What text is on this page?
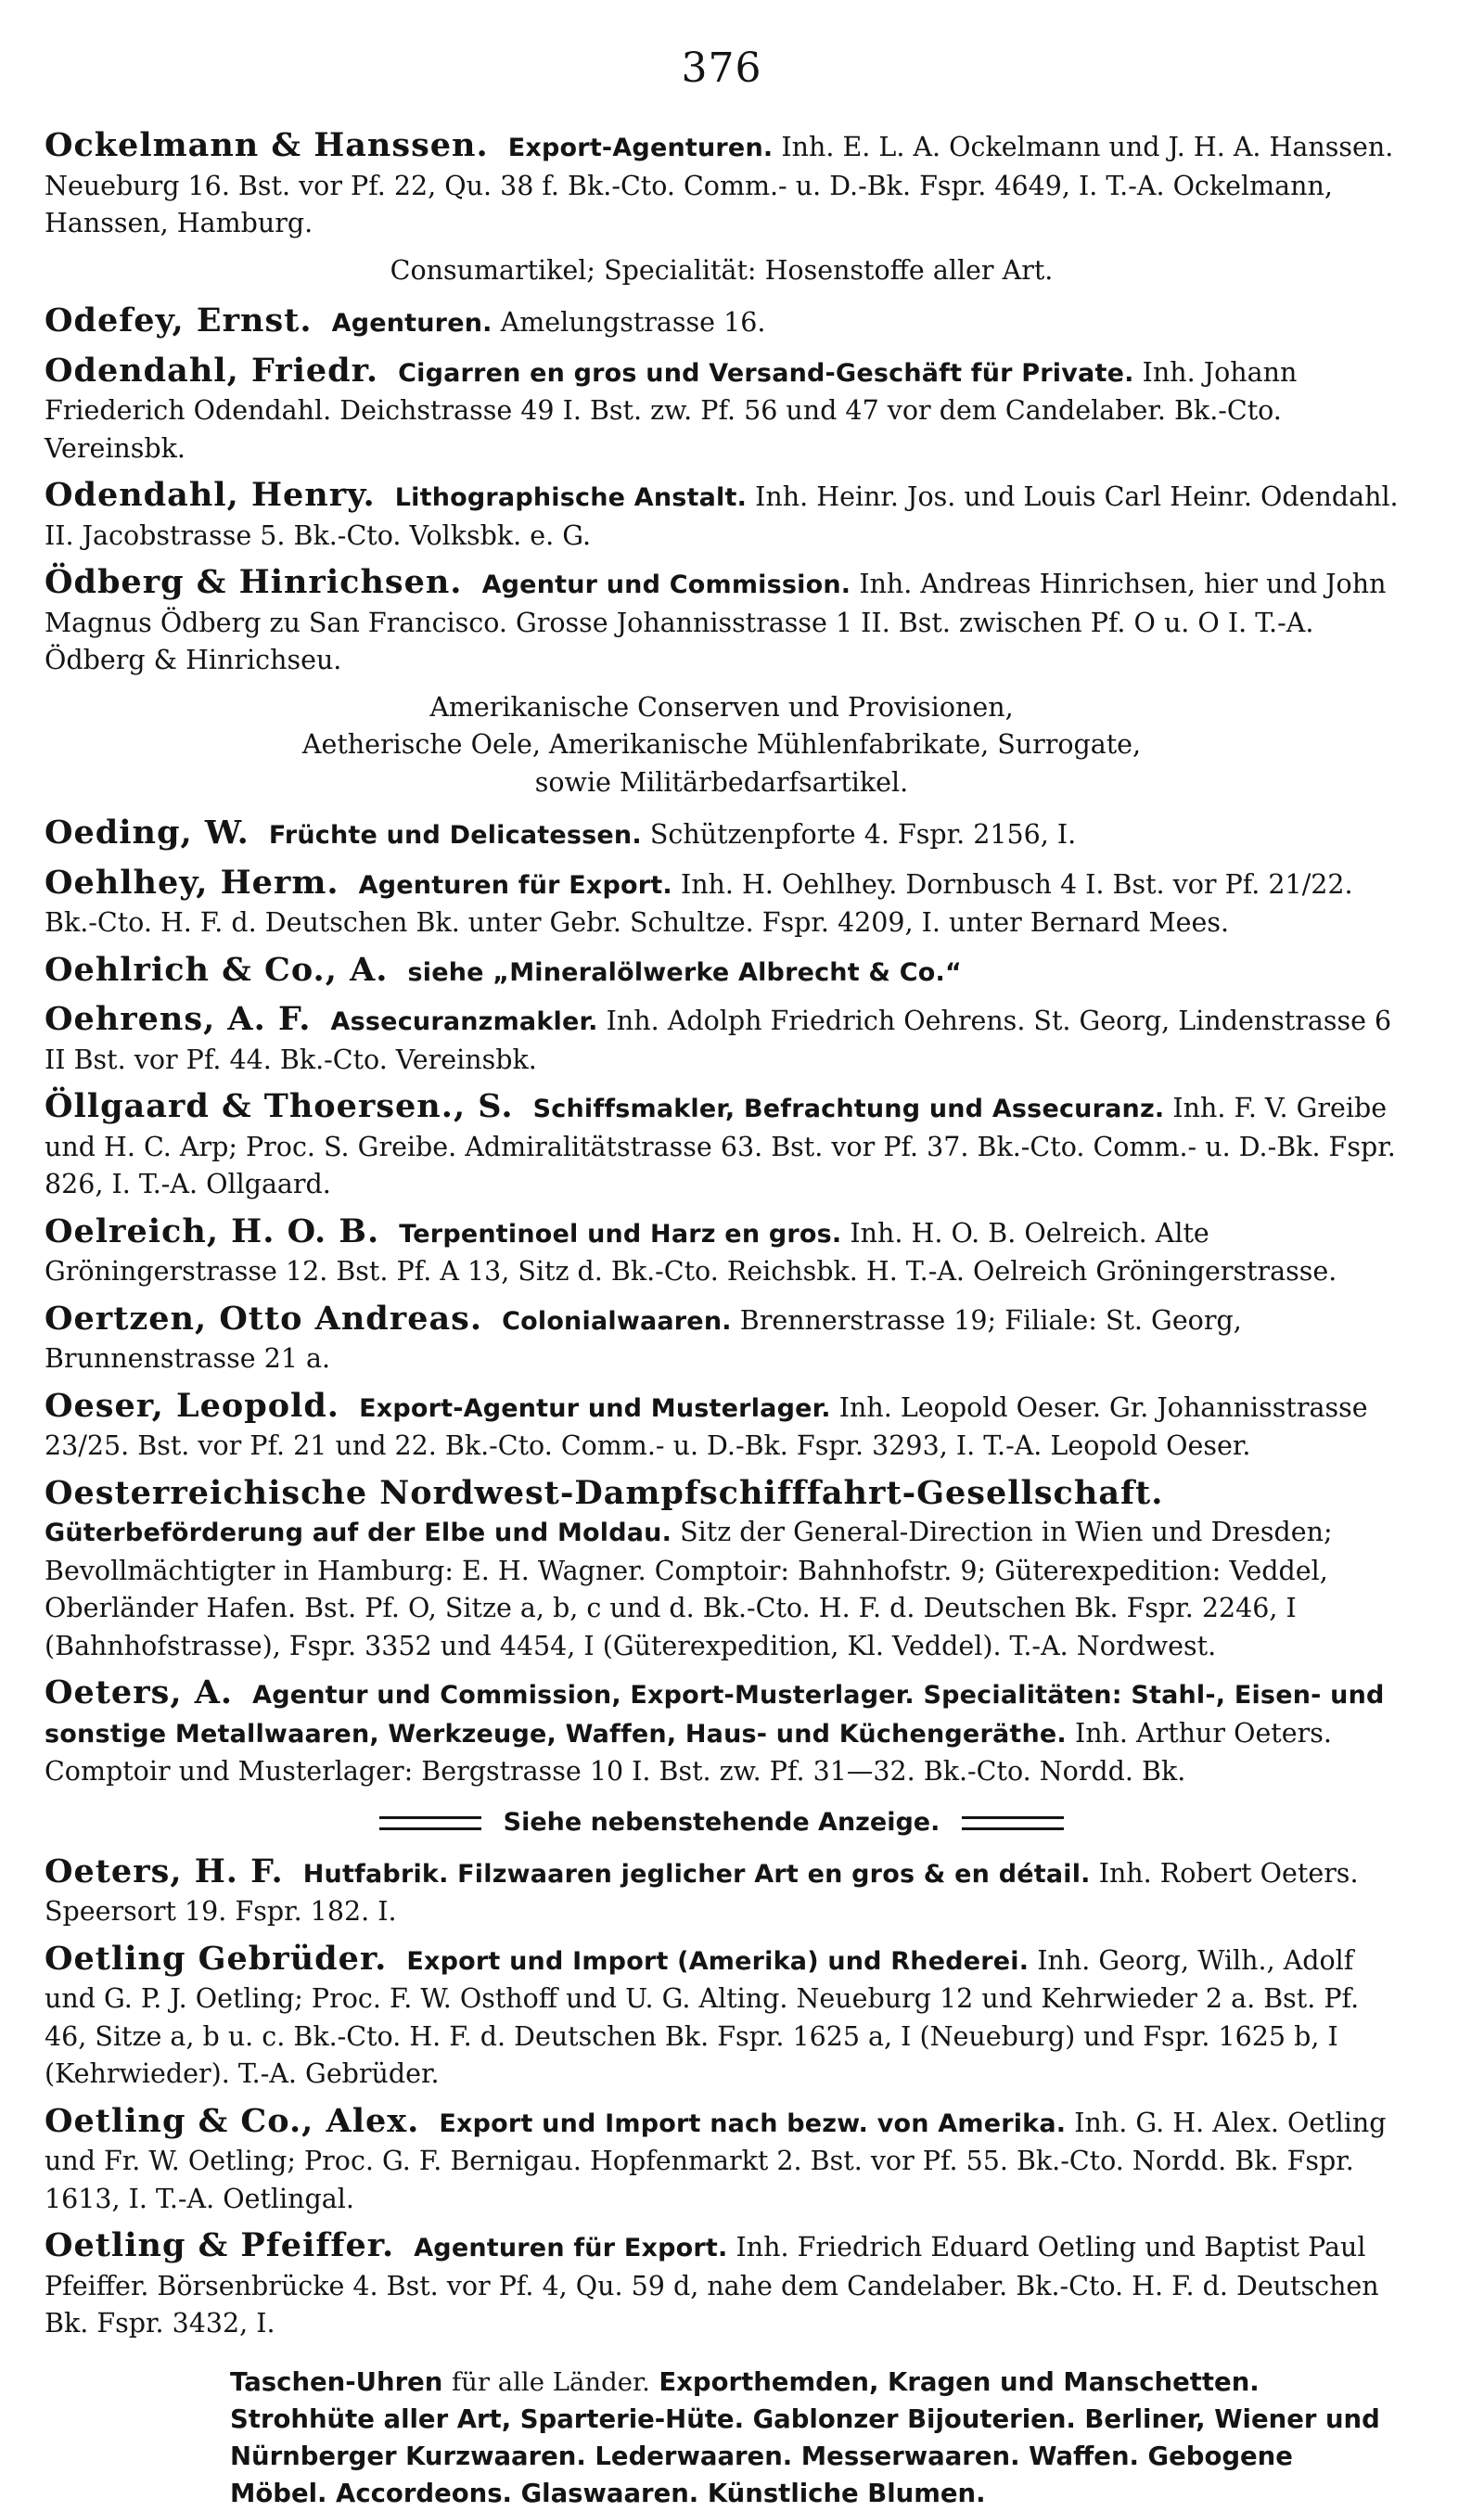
376
Ockelmann & Hanssen. Export-Agenturen. Inh. E. L. A. Ockelmann und J. H. A. Hanssen. Neueburg 16. Bst. vor Pf. 22, Qu. 38 f. Bk.-Cto. Comm.- u. D.-Bk. Fspr. 4649, I. T.-A. Ockelmann, Hanssen, Hamburg.
Consumartikel; Specialität: Hosenstoffe aller Art.
Odefey, Ernst. Agenturen. Amelungstrasse 16.
Odendahl, Friedr. Cigarren en gros und Versand-Geschäft für Private. Inh. Johann Friederich Odendahl. Deichstrasse 49 I. Bst. zw. Pf. 56 und 47 vor dem Candelaber. Bk.-Cto. Vereinsbk.
Odendahl, Henry. Lithographische Anstalt. Inh. Heinr. Jos. und Louis Carl Heinr. Odendahl. II. Jacobstrasse 5. Bk.-Cto. Volksbk. e. G.
Ödberg & Hinrichsen. Agentur und Commission. Inh. Andreas Hinrichsen, hier und John Magnus Ödberg zu San Francisco. Grosse Johannisstrasse 1 II. Bst. zwischen Pf. O u. O I. T.-A. Ödberg & Hinrichseu.
Amerikanische Conserven und Provisionen,
Aetherische Oele, Amerikanische Mühlenfabrikate, Surrogate,
sowie Militärbedarfsartikel.
Oeding, W. Früchte und Delicatessen. Schützenpforte 4. Fspr. 2156, I.
Oehlhey, Herm. Agenturen für Export. Inh. H. Oehlhey. Dornbusch 4 I. Bst. vor Pf. 21/22. Bk.-Cto. H. F. d. Deutschen Bk. unter Gebr. Schultze. Fspr. 4209, I. unter Bernard Mees.
Oehlrich & Co., A. siehe „Mineralölwerke Albrecht & Co.“
Oehrens, A. F. Assecuranzmakler. Inh. Adolph Friedrich Oehrens. St. Georg, Lindenstrasse 6 II Bst. vor Pf. 44. Bk.-Cto. Vereinsbk.
Öllgaard & Thoersen., S. Schiffsmakler, Befrachtung und Assecuranz. Inh. F. V. Greibe und H. C. Arp; Proc. S. Greibe. Admiralitätstrasse 63. Bst. vor Pf. 37. Bk.-Cto. Comm.- u. D.-Bk. Fspr. 826, I. T.-A. Ollgaard.
Oelreich, H. O. B. Terpentinoel und Harz en gros. Inh. H. O. B. Oelreich. Alte Gröningerstrasse 12. Bst. Pf. A 13, Sitz d. Bk.-Cto. Reichsbk. H. T.-A. Oelreich Gröningerstrasse.
Oertzen, Otto Andreas. Colonialwaaren. Brennerstrasse 19; Filiale: St. Georg, Brunnenstrasse 21 a.
Oeser, Leopold. Export-Agentur und Musterlager. Inh. Leopold Oeser. Gr. Johannisstrasse 23/25. Bst. vor Pf. 21 und 22. Bk.-Cto. Comm.- u. D.-Bk. Fspr. 3293, I. T.-A. Leopold Oeser.
Oesterreichische Nordwest-Dampfschifffahrt-Gesellschaft. Güterbeförderung auf der Elbe und Moldau. Sitz der General-Direction in Wien und Dresden; Bevollmächtigter in Hamburg: E. H. Wagner. Comptoir: Bahnhofstr. 9; Güterexpedition: Veddel, Oberländer Hafen. Bst. Pf. O, Sitze a, b, c und d. Bk.-Cto. H. F. d. Deutschen Bk. Fspr. 2246, I (Bahnhofstrasse), Fspr. 3352 und 4454, I (Güterexpedition, Kl. Veddel). T.-A. Nordwest.
Oeters, A. Agentur und Commission, Export-Musterlager. Specialitäten: Stahl-, Eisen- und sonstige Metallwaaren, Werkzeuge, Waffen, Haus- und Küchengeräthe. Inh. Arthur Oeters. Comptoir und Musterlager: Bergstrasse 10 I. Bst. zw. Pf. 31—32. Bk.-Cto. Nordd. Bk.
Siehe nebenstehende Anzeige.
Oeters, H. F. Hutfabrik. Filzwaaren jeglicher Art en gros & en détail. Inh. Robert Oeters. Speersort 19. Fspr. 182. I.
Oetling Gebrüder. Export und Import (Amerika) und Rhederei. Inh. Georg, Wilh., Adolf und G. P. J. Oetling; Proc. F. W. Osthoff und U. G. Alting. Neueburg 12 und Kehrwieder 2 a. Bst. Pf. 46, Sitze a, b u. c. Bk.-Cto. H. F. d. Deutschen Bk. Fspr. 1625 a, I (Neueburg) und Fspr. 1625 b, I (Kehrwieder). T.-A. Gebrüder.
Oetling & Co., Alex. Export und Import nach bezw. von Amerika. Inh. G. H. Alex. Oetling und Fr. W. Oetling; Proc. G. F. Bernigau. Hopfenmarkt 2. Bst. vor Pf. 55. Bk.-Cto. Nordd. Bk. Fspr. 1613, I. T.-A. Oetlingal.
Oetling & Pfeiffer. Agenturen für Export. Inh. Friedrich Eduard Oetling und Baptist Paul Pfeiffer. Börsenbrücke 4. Bst. vor Pf. 4, Qu. 59 d, nahe dem Candelaber. Bk.-Cto. H. F. d. Deutschen Bk. Fspr. 3432, I.
Taschen-Uhren für alle Länder. Exporthemden, Kragen und Manschetten. Strohhüte aller Art, Sparterie-Hüte. Gablonzer Bijouterien. Berliner, Wiener und Nürnberger Kurzwaaren. Lederwaaren. Messerwaaren. Waffen. Gebogene Möbel. Accordeons. Glaswaaren. Künstliche Blumen.
